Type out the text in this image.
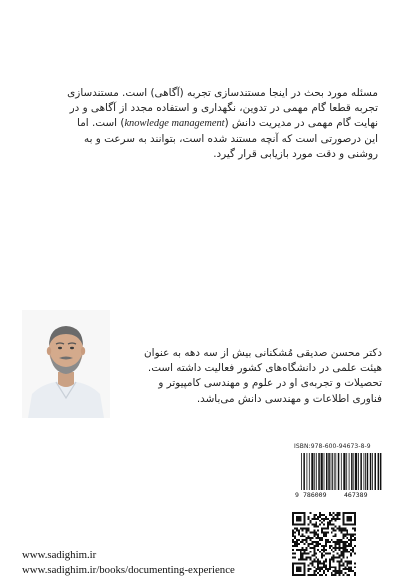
مسئله مورد بحث در اینجا مستندسازی تجربه (آگاهی) است. مستندسازی
تجربه قطعا گام مهمی در تدوین، نگهداری و استفاده مجدد از آگاهی و در
نهایت گام مهمی در مدیریت دانش (knowledge management) است. اما
این درصورتی است که آنچه مستند شده است، بتوانند به سرعت و به
روشنی و دقت مورد بازیابی قرار گیرد.
دکتر محسن صدیقی مُشکنانی بیش از سه دهه به عنوان
هیئت علمی در دانشگاه‌های کشور فعالیت داشته است.
تحصیلات و تجربه‌ی او در علوم و مهندسی کامپیوتر و
فناوری اطلاعات و مهندسی دانش می‌باشد.
ISBN:978-600-94673-8-9
9 786009	467389
www.sadighim.ir
www.sadighim.ir/books/documenting-experience
